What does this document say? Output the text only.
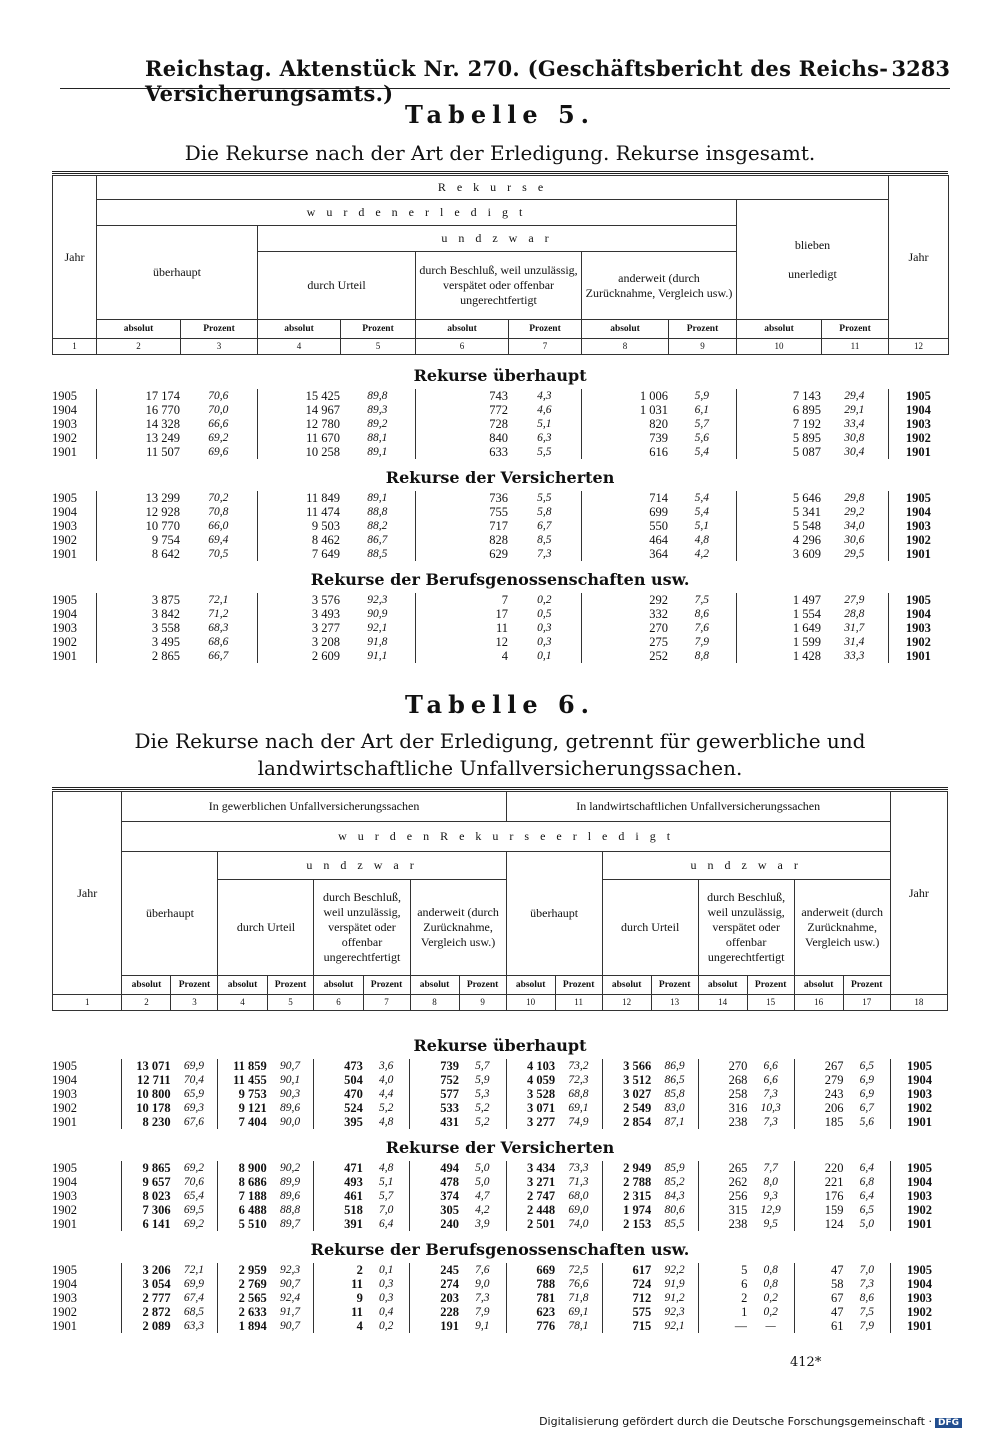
Reichstag. Aktenstück Nr. 270. (Geschäftsbericht des Reichs-Versicherungsamts.)
3283
Tabelle 5.
Die Rekurse nach der Art der Erledigung. Rekurse insgesamt.
Jahr	R e k u r s e										Jahr
	w u r d e n e r l e d i g t								blieben
unerledigt		

	überhaupt		u n d z w a r								
			durch Urteil		durch Beschluß, weil unzulässig, verspätet oder offenbar ungerechtfertigt		anderweit (durch Zurücknahme, Vergleich usw.)				
	absolut	Prozent	absolut	Prozent	absolut	Prozent	absolut	Prozent	absolut	Prozent	
1	2	3	4	5	6	7	8	9	10	11	12
Rekurse überhaupt											
1905	17 174	70,6	15 425	89,8	743	4,3	1 006	5,9	7 143	29,4	1905
1904	16 770	70,0	14 967	89,3	772	4,6	1 031	6,1	6 895	29,1	1904
1903	14 328	66,6	12 780	89,2	728	5,1	820	5,7	7 192	33,4	1903
1902	13 249	69,2	11 670	88,1	840	6,3	739	5,6	5 895	30,8	1902
1901	11 507	69,6	10 258	89,1	633	5,5	616	5,4	5 087	30,4	1901

Rekurse der Versicherten											
1905	13 299	70,2	11 849	89,1	736	5,5	714	5,4	5 646	29,8	1905
1904	12 928	70,8	11 474	88,8	755	5,8	699	5,4	5 341	29,2	1904
1903	10 770	66,0	9 503	88,2	717	6,7	550	5,1	5 548	34,0	1903
1902	9 754	69,4	8 462	86,7	828	8,5	464	4,8	4 296	30,6	1902
1901	8 642	70,5	7 649	88,5	629	7,3	364	4,2	3 609	29,5	1901

Rekurse der Berufsgenossenschaften usw.											
1905	3 875	72,1	3 576	92,3	7	0,2	292	7,5	1 497	27,9	1905
1904	3 842	71,2	3 493	90,9	17	0,5	332	8,6	1 554	28,8	1904
1903	3 558	68,3	3 277	92,1	11	0,3	270	7,6	1 649	31,7	1903
1902	3 495	68,6	3 208	91,8	12	0,3	275	7,9	1 599	31,4	1902
1901	2 865	66,7	2 609	91,1	4	0,1	252	8,8	1 428	33,3	1901

Tabelle 6.
Die Rekurse nach der Art der Erledigung, getrennt für gewerbliche und landwirtschaftliche Unfallversicherungssachen.
Jahr	In gewerblichen Unfallversicherungssachen								In landwirtschaftlichen Unfallversicherungssachen								Jahr
	w u r d e n R e k u r s e e r l e d i g t																
	überhaupt		u n d z w a r						überhaupt		u n d z w a r						
			durch Urteil		durch Beschluß, weil unzulässig, verspätet oder offenbar ungerechtfertigt		anderweit (durch Zurücknahme, Vergleich usw.)				durch Urteil		durch Beschluß, weil unzulässig, verspätet oder offenbar ungerechtfertigt		anderweit (durch Zurücknahme, Vergleich usw.)		
	absolut	Prozent	absolut	Prozent	absolut	Prozent	absolut	Prozent	absolut	Prozent	absolut	Prozent	absolut	Prozent	absolut	Prozent	
1	2	3	4	5	6	7	8	9	10	11	12	13	14	15	16	17	18
Rekurse überhaupt																	
1905	13 071	69,9	11 859	90,7	473	3,6	739	5,7	4 103	73,2	3 566	86,9	270	6,6	267	6,5	1905
1904	12 711	70,4	11 455	90,1	504	4,0	752	5,9	4 059	72,3	3 512	86,5	268	6,6	279	6,9	1904
1903	10 800	65,9	9 753	90,3	470	4,4	577	5,3	3 528	68,8	3 027	85,8	258	7,3	243	6,9	1903
1902	10 178	69,3	9 121	89,6	524	5,2	533	5,2	3 071	69,1	2 549	83,0	316	10,3	206	6,7	1902
1901	8 230	67,6	7 404	90,0	395	4,8	431	5,2	3 277	74,9	2 854	87,1	238	7,3	185	5,6	1901

Rekurse der Versicherten																	
1905	9 865	69,2	8 900	90,2	471	4,8	494	5,0	3 434	73,3	2 949	85,9	265	7,7	220	6,4	1905
1904	9 657	70,6	8 686	89,9	493	5,1	478	5,0	3 271	71,3	2 788	85,2	262	8,0	221	6,8	1904
1903	8 023	65,4	7 188	89,6	461	5,7	374	4,7	2 747	68,0	2 315	84,3	256	9,3	176	6,4	1903
1902	7 306	69,5	6 488	88,8	518	7,0	305	4,2	2 448	69,0	1 974	80,6	315	12,9	159	6,5	1902
1901	6 141	69,2	5 510	89,7	391	6,4	240	3,9	2 501	74,0	2 153	85,5	238	9,5	124	5,0	1901

Rekurse der Berufsgenossenschaften usw.																	
1905	3 206	72,1	2 959	92,3	2	0,1	245	7,6	669	72,5	617	92,2	5	0,8	47	7,0	1905
1904	3 054	69,9	2 769	90,7	11	0,3	274	9,0	788	76,6	724	91,9	6	0,8	58	7,3	1904
1903	2 777	67,4	2 565	92,4	9	0,3	203	7,3	781	71,8	712	91,2	2	0,2	67	8,6	1903
1902	2 872	68,5	2 633	91,7	11	0,4	228	7,9	623	69,1	575	92,3	1	0,2	47	7,5	1902
1901	2 089	63,3	1 894	90,7	4	0,2	191	9,1	776	78,1	715	92,1	—	—	61	7,9	1901

412*
Digitalisierung gefördert durch die Deutsche Forschungsgemeinschaft · DFG
